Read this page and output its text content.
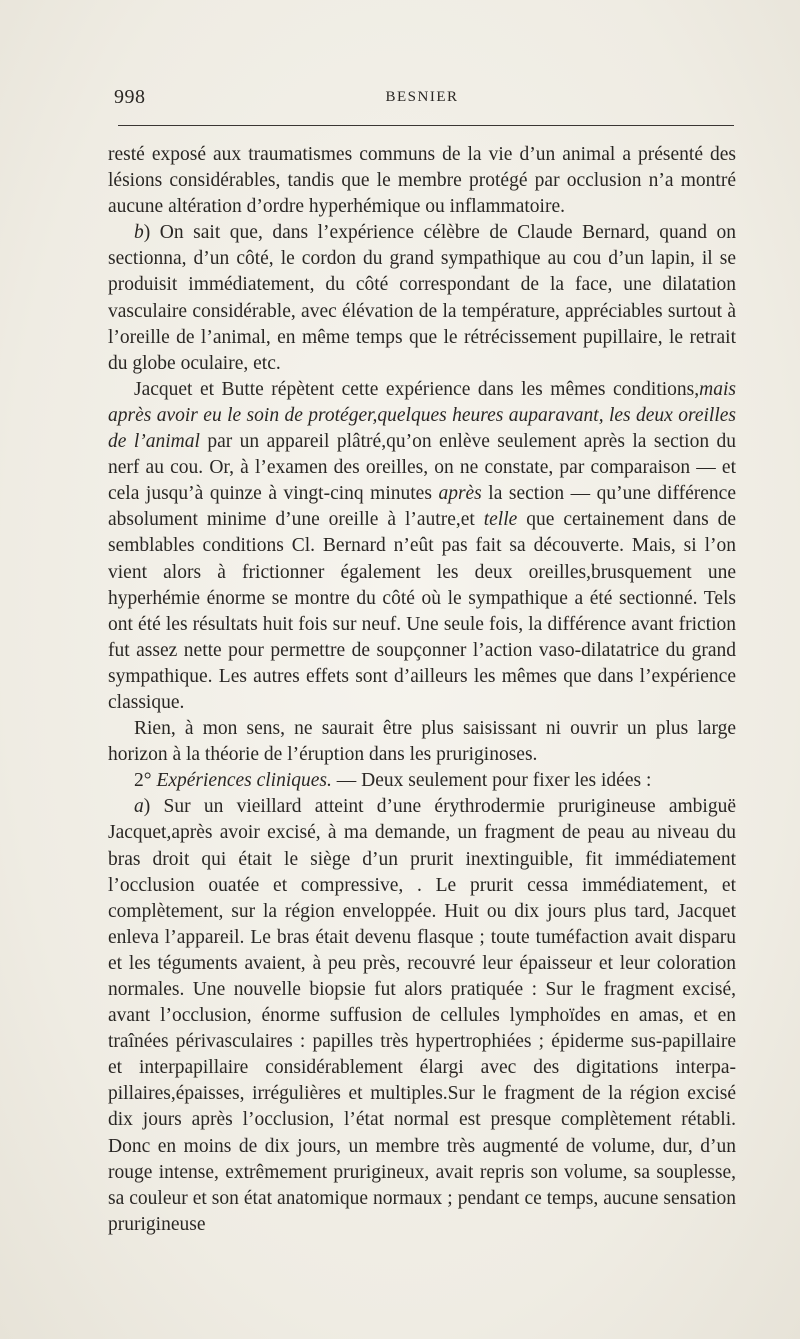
998	BESNIER

resté exposé aux traumatismes communs de la vie d’un animal a présenté des lésions considérables, tandis que le membre protégé par occlusion n’a montré aucune altération d’ordre hyperhémique ou inflammatoire.

b) On sait que, dans l’expérience célèbre de Claude Bernard, quand on sectionna, d’un côté, le cordon du grand sympathique au cou d’un lapin, il se produisit immédiatement, du côté correspondant de la face, une dilatation vasculaire considérable, avec élévation de la température, appréciables surtout à l’oreille de l’animal, en même temps que le rétrécissement pupillaire, le retrait du globe oculaire, etc.

Jacquet et Butte répètent cette expérience dans les mêmes conditions,mais après avoir eu le soin de protéger,quelques heures auparavant, les deux oreilles de l’animal par un appareil plâtré,qu’on enlève seulement après la section du nerf au cou. Or, à l’examen des oreilles, on ne constate, par comparaison — et cela jusqu’à quinze à vingt-cinq minutes après la section — qu’une différence absolument minime d’une oreille à l’autre,et telle que certainement dans de semblables conditions Cl. Bernard n’eût pas fait sa découverte. Mais, si l’on vient alors à frictionner également les deux oreilles,brusquement une hyperhémie énorme se montre du côté où le sympathique a été sectionné. Tels ont été les résultats huit fois sur neuf. Une seule fois, la différence avant friction fut assez nette pour permettre de soupçonner l’action vaso-dilatatrice du grand sympathique. Les autres effets sont d’ailleurs les mêmes que dans l’expérience classique.

Rien, à mon sens, ne saurait être plus saisissant ni ouvrir un plus large horizon à la théorie de l’éruption dans les pruriginoses.

2° Expériences cliniques. — Deux seulement pour fixer les idées :

a) Sur un vieillard atteint d’une érythrodermie prurigineuse ambiguë Jacquet,après avoir excisé, à ma demande, un fragment de peau au niveau du bras droit qui était le siège d’un prurit inextinguible, fit immédiatement l’occlusion ouatée et compressive, . Le prurit cessa immédiatement, et complètement, sur la région enveloppée. Huit ou dix jours plus tard, Jacquet enleva l’appareil. Le bras était devenu flasque ; toute tuméfaction avait disparu et les téguments avaient, à peu près, recouvré leur épaisseur et leur coloration normales. Une nouvelle biopsie fut alors pratiquée : Sur le fragment excisé, avant l’occlusion, énorme suffusion de cellules lymphoïdes en amas, et en traînées périvasculaires : papilles très hypertrophiées ; épiderme sus-papillaire et interpapillaire considérablement élargi avec des digitations interpapillaires,épaisses, irrégulières et multiples.Sur le fragment de la région excisé dix jours après l’occlusion, l’état normal est presque complètement rétabli. Donc en moins de dix jours, un membre très augmenté de volume, dur, d’un rouge intense, extrêmement prurigineux, avait repris son volume, sa souplesse, sa couleur et son état anatomique normaux ; pendant ce temps, aucune sensation prurigineuse
